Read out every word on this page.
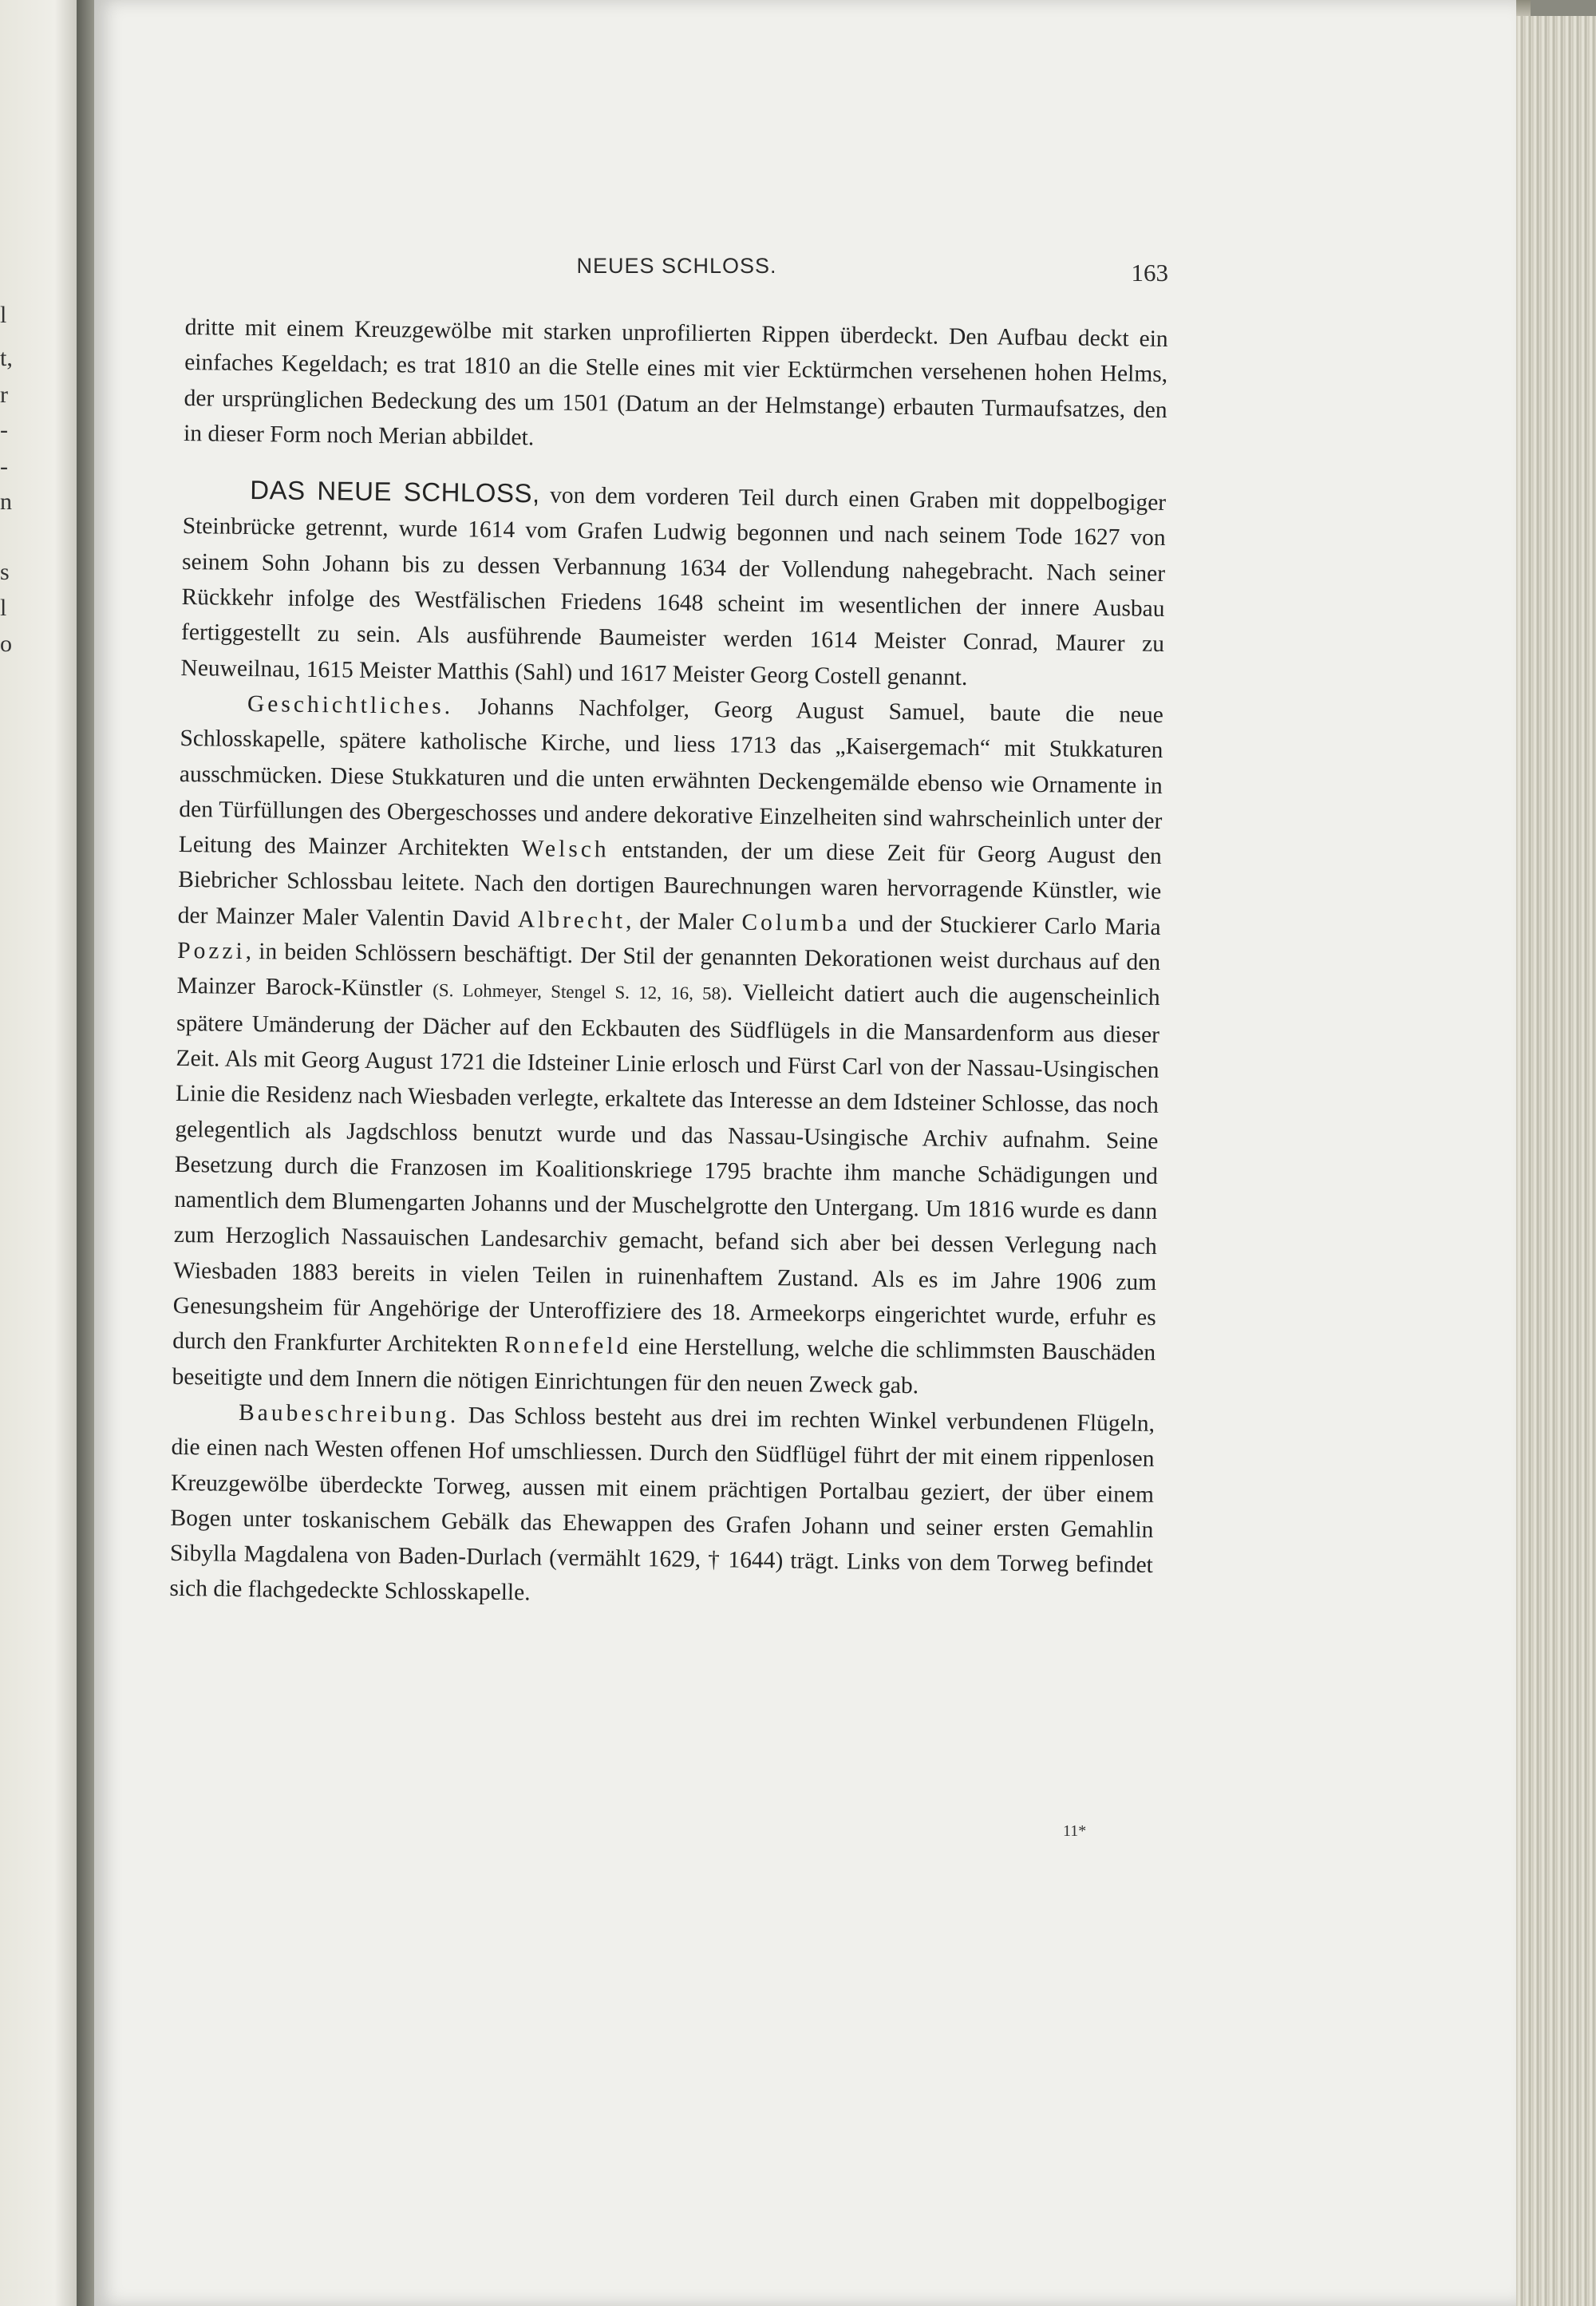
l
t,
r
-
-
n
s
l
o
NEUES SCHLOSS.	163

dritte mit einem Kreuzgewölbe mit starken unprofilierten Rippen überdeckt. Den Aufbau deckt ein einfaches Kegeldach; es trat 1810 an die Stelle eines mit vier Ecktürmchen versehenen hohen Helms, der ursprünglichen Bedeckung des um 1501 (Datum an der Helmstange) erbauten Turmaufsatzes, den in dieser Form noch Merian abbildet.

DAS NEUE SCHLOSS, von dem vorderen Teil durch einen Graben mit doppelbogiger Steinbrücke getrennt, wurde 1614 vom Grafen Ludwig begonnen und nach seinem Tode 1627 von seinem Sohn Johann bis zu dessen Verbannung 1634 der Vollendung nahegebracht. Nach seiner Rückkehr infolge des Westfälischen Friedens 1648 scheint im wesentlichen der innere Ausbau fertiggestellt zu sein. Als ausführende Baumeister werden 1614 Meister Conrad, Maurer zu Neuweilnau, 1615 Meister Matthis (Sahl) und 1617 Meister Georg Costell genannt.

Geschichtliches. Johanns Nachfolger, Georg August Samuel, baute die neue Schlosskapelle, spätere katholische Kirche, und liess 1713 das „Kaisergemach“ mit Stukkaturen ausschmücken. Diese Stukkaturen und die unten erwähnten Deckengemälde ebenso wie Ornamente in den Türfüllungen des Obergeschosses und andere dekorative Einzelheiten sind wahrscheinlich unter der Leitung des Mainzer Architekten Welsch entstanden, der um diese Zeit für Georg August den Biebricher Schlossbau leitete. Nach den dortigen Baurechnungen waren hervorragende Künstler, wie der Mainzer Maler Valentin David Albrecht, der Maler Columba und der Stuckierer Carlo Maria Pozzi, in beiden Schlössern beschäftigt. Der Stil der genannten Dekorationen weist durchaus auf den Mainzer Barock-Künstler (S. Lohmeyer, Stengel S. 12, 16, 58). Vielleicht datiert auch die augenscheinlich spätere Umänderung der Dächer auf den Eckbauten des Südflügels in die Mansardenform aus dieser Zeit. Als mit Georg August 1721 die Idsteiner Linie erlosch und Fürst Carl von der Nassau-Usingischen Linie die Residenz nach Wiesbaden verlegte, erkaltete das Interesse an dem Idsteiner Schlosse, das noch gelegentlich als Jagdschloss benutzt wurde und das Nassau-Usingische Archiv aufnahm. Seine Besetzung durch die Franzosen im Koalitionskriege 1795 brachte ihm manche Schädigungen und namentlich dem Blumengarten Johanns und der Muschelgrotte den Untergang. Um 1816 wurde es dann zum Herzoglich Nassauischen Landesarchiv gemacht, befand sich aber bei dessen Verlegung nach Wiesbaden 1883 bereits in vielen Teilen in ruinenhaftem Zustand. Als es im Jahre 1906 zum Genesungsheim für Angehörige der Unteroffiziere des 18. Armeekorps eingerichtet wurde, erfuhr es durch den Frankfurter Architekten Ronnefeld eine Herstellung, welche die schlimmsten Bauschäden beseitigte und dem Innern die nötigen Einrichtungen für den neuen Zweck gab.

Baubeschreibung. Das Schloss besteht aus drei im rechten Winkel verbundenen Flügeln, die einen nach Westen offenen Hof umschliessen. Durch den Südflügel führt der mit einem rippenlosen Kreuzgewölbe überdeckte Torweg, aussen mit einem prächtigen Portalbau geziert, der über einem Bogen unter toskanischem Gebälk das Ehewappen des Grafen Johann und seiner ersten Gemahlin Sibylla Magdalena von Baden-Durlach (vermählt 1629, † 1644) trägt. Links von dem Torweg befindet sich die flachgedeckte Schlosskapelle.

11*
